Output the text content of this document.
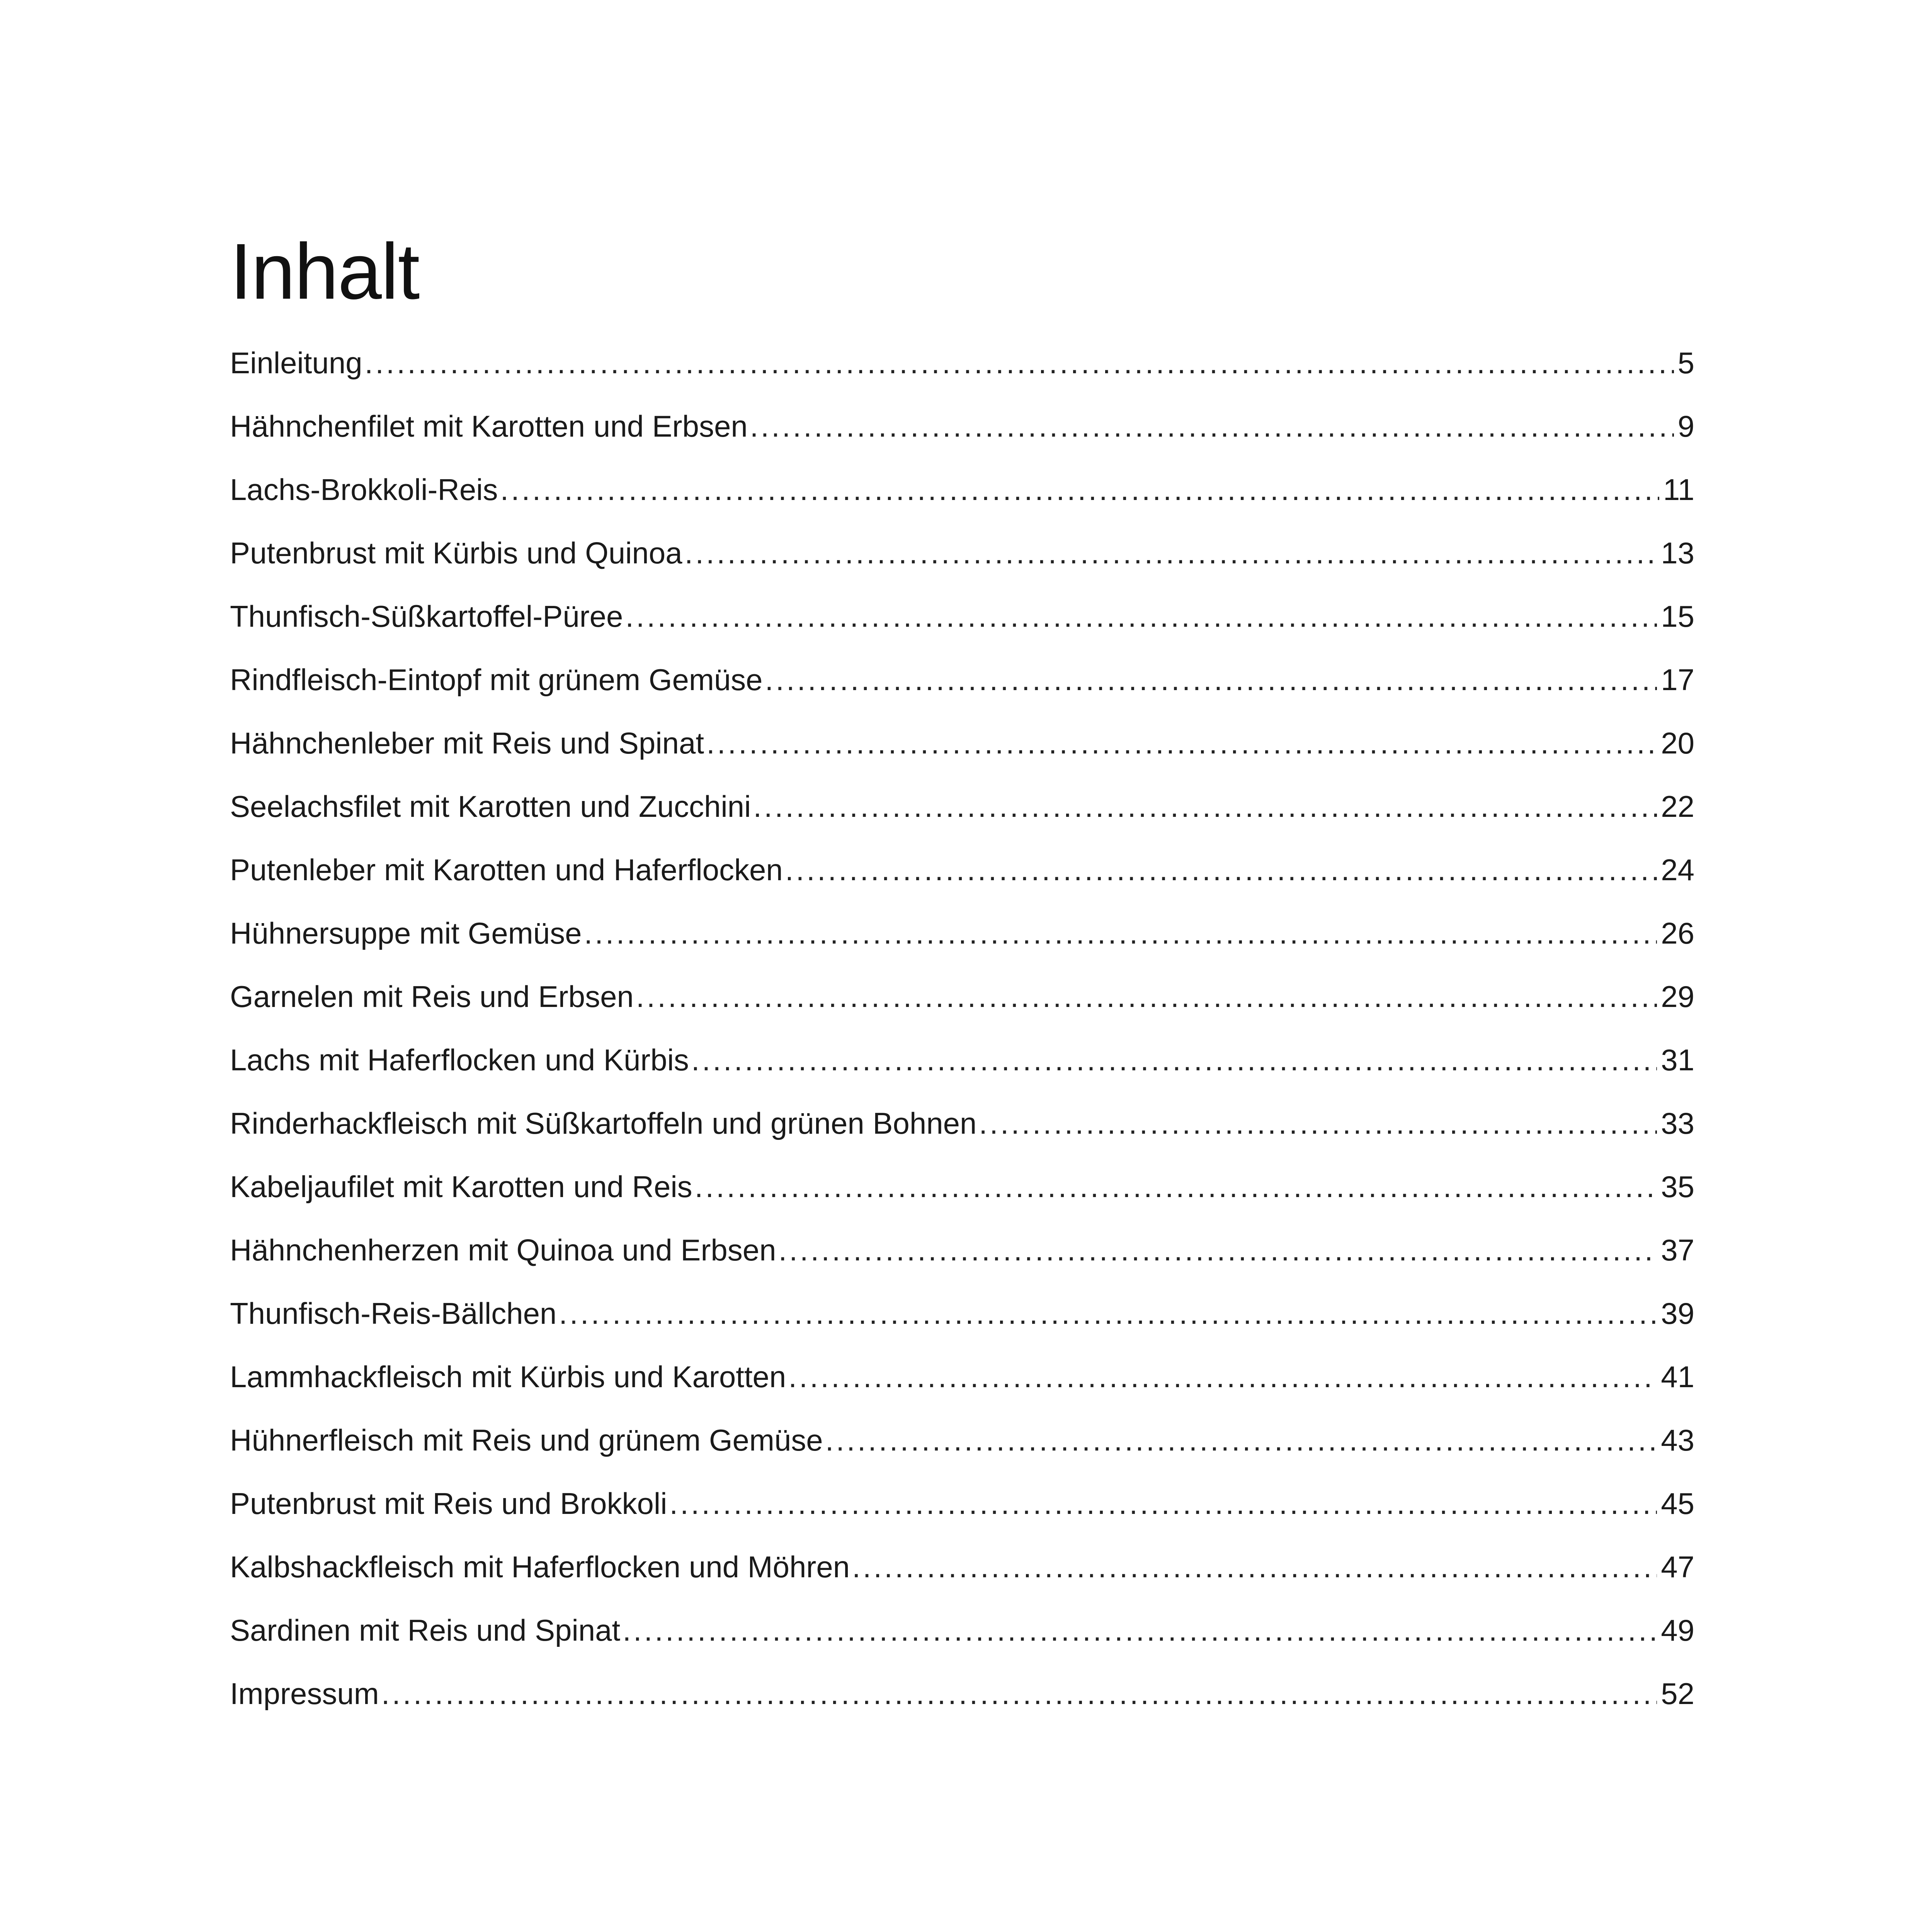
Inhalt
Einleitung .....	5
Hähnchenfilet mit Karotten und Erbsen .....	9
Lachs-Brokkoli-Reis .....	11
Putenbrust mit Kürbis und Quinoa .....	13
Thunfisch-Süßkartoffel-Püree .....	15
Rindfleisch-Eintopf mit grünem Gemüse .....	17
Hähnchenleber mit Reis und Spinat .....	20
Seelachsfilet mit Karotten und Zucchini .....	22
Putenleber mit Karotten und Haferflocken .....	24
Hühnersuppe mit Gemüse .....	26
Garnelen mit Reis und Erbsen .....	29
Lachs mit Haferflocken und Kürbis .....	31
Rinderhackfleisch mit Süßkartoffeln und grünen Bohnen .....	33
Kabeljaufilet mit Karotten und Reis .....	35
Hähnchenherzen mit Quinoa und Erbsen .....	37
Thunfisch-Reis-Bällchen .....	39
Lammhackfleisch mit Kürbis und Karotten .....	41
Hühnerfleisch mit Reis und grünem Gemüse .....	43
Putenbrust mit Reis und Brokkoli .....	45
Kalbshackfleisch mit Haferflocken und Möhren .....	47
Sardinen mit Reis und Spinat .....	49
Impressum .....	52
